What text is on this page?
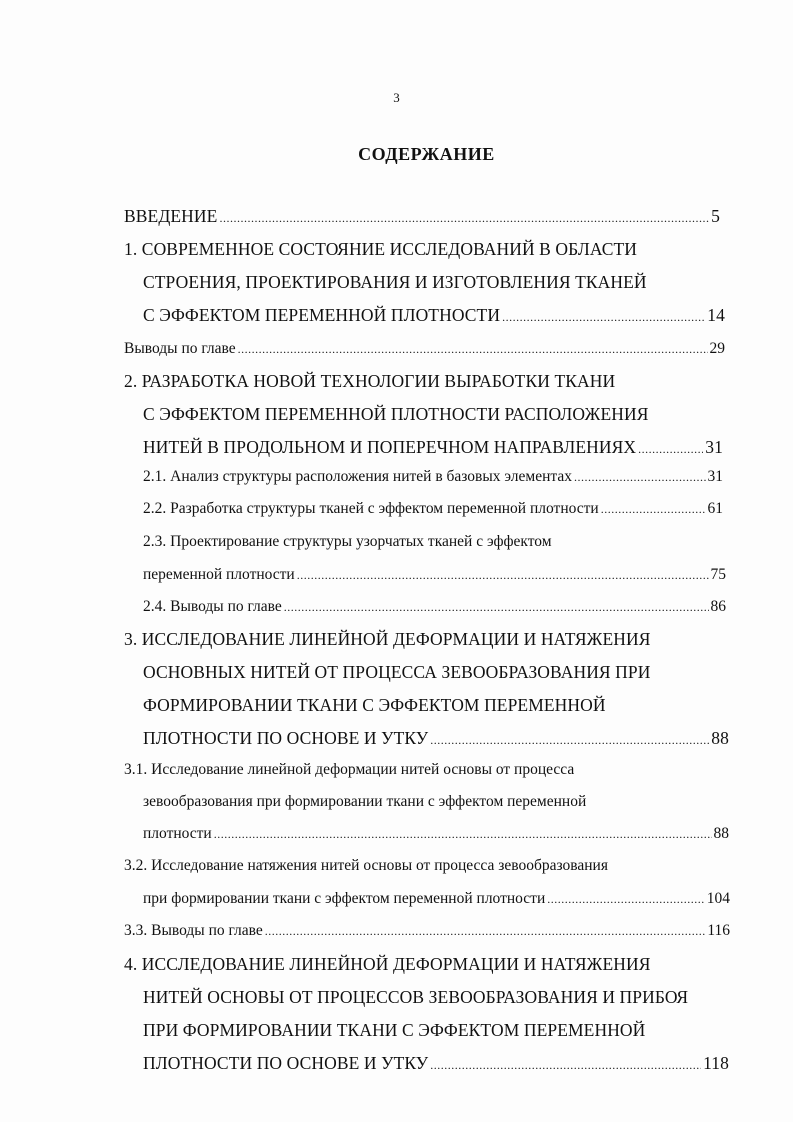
3
СОДЕРЖАНИЕ
ВВЕДЕНИЕ .....	5
1. СОВРЕМЕННОЕ СОСТОЯНИЕ ИССЛЕДОВАНИЙ В ОБЛАСТИ
СТРОЕНИЯ, ПРОЕКТИРОВАНИЯ И ИЗГОТОВЛЕНИЯ ТКАНЕЙ
С ЭФФЕКТОМ ПЕРЕМЕННОЙ ПЛОТНОСТИ .....	14
Выводы по главе .....	29
2. РАЗРАБОТКА НОВОЙ ТЕХНОЛОГИИ ВЫРАБОТКИ ТКАНИ
С ЭФФЕКТОМ ПЕРЕМЕННОЙ ПЛОТНОСТИ РАСПОЛОЖЕНИЯ
НИТЕЙ В ПРОДОЛЬНОМ И ПОПЕРЕЧНОМ НАПРАВЛЕНИЯХ .....	31
2.1. Анализ структуры расположения нитей в базовых элементах .....	31
2.2. Разработка структуры тканей с эффектом переменной плотности .....	61
2.3. Проектирование структуры узорчатых тканей с эффектом
переменной плотности .....	75
2.4. Выводы по главе .....	86
3. ИССЛЕДОВАНИЕ ЛИНЕЙНОЙ ДЕФОРМАЦИИ И НАТЯЖЕНИЯ
ОСНОВНЫХ НИТЕЙ ОТ ПРОЦЕССА ЗЕВООБРАЗОВАНИЯ ПРИ
ФОРМИРОВАНИИ ТКАНИ С ЭФФЕКТОМ ПЕРЕМЕННОЙ
ПЛОТНОСТИ ПО ОСНОВЕ И УТКУ .....	88
3.1. Исследование линейной деформации нитей основы от процесса
зевообразования при формировании ткани с эффектом переменной
плотности .....	88
3.2. Исследование натяжения нитей основы от процесса зевообразования
при формировании ткани с эффектом переменной плотности .....	104
3.3. Выводы по главе .....	116
4. ИССЛЕДОВАНИЕ ЛИНЕЙНОЙ ДЕФОРМАЦИИ И НАТЯЖЕНИЯ
НИТЕЙ ОСНОВЫ ОТ ПРОЦЕССОВ ЗЕВООБРАЗОВАНИЯ И ПРИБОЯ
ПРИ ФОРМИРОВАНИИ ТКАНИ С ЭФФЕКТОМ ПЕРЕМЕННОЙ
ПЛОТНОСТИ ПО ОСНОВЕ И УТКУ .....	118
